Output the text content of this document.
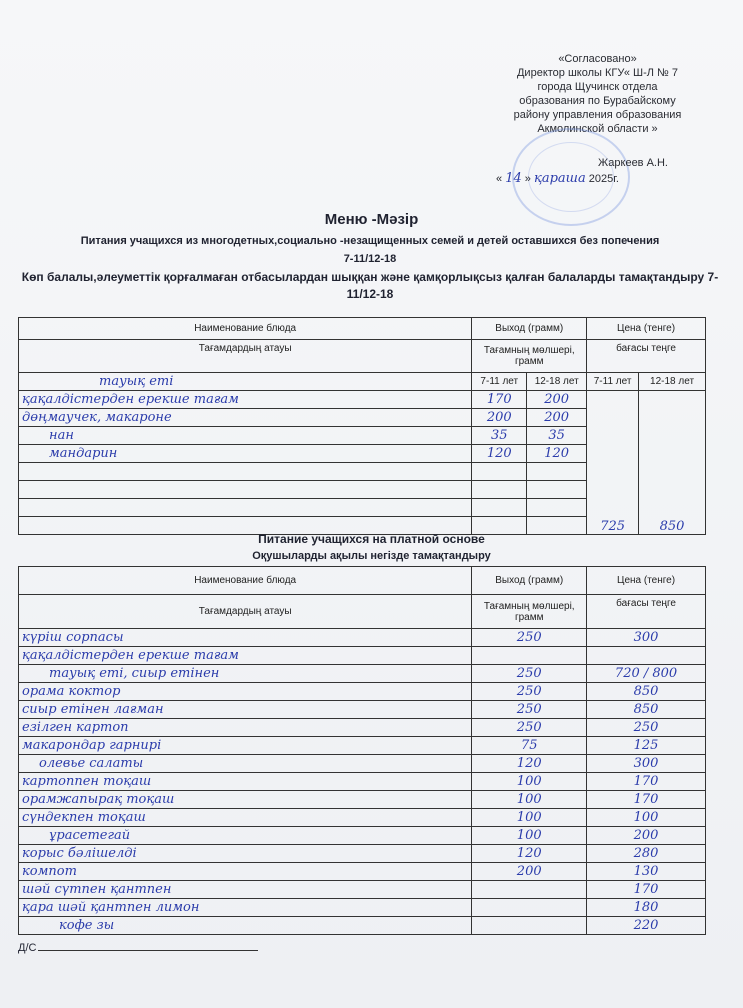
«Согласовано»
Директор школы КГУ« Ш-Л № 7
города Щучинск отдела
образования по Бурабайскому
району управления образования
Акмолинской области »
Жаркеев А.Н.
« 14 » қараша 2025г.
Меню -Мәзір
Питания учащихся из многодетных,социально -незащищенных семей и детей оставшихся без попечения
7-11/12-18
Көп балалы,әлеуметтік қорғалмаған отбасылардан шыққан және қамқорлықсыз қалған балаларды тамақтандыру 7-11/12-18
Наименование блюда	Выход (грамм)		Цена (тенге)	
Тағамдардың атауы	Тағамның мөлшері, грамм		бағасы теңге	
тауық еті	7-11 лет	12-18 лет	7-11 лет	12-18 лет
қақалдістерден ерекше тағам	170	200	725	850
дөңмаучек, макароне	200	200		
нан	35	35		
мандарин	120	120		

Питание учащихся на платной основе
Оқушыларды ақылы негізде тамақтандыру
Наименование блюда	Выход (грамм)	Цена (тенге)
Тағамдардың атауы	Тағамның мөлшері, грамм	бағасы теңге
күріш сорпасы	250	300
қақалдістерден ерекше тағам		
тауық еті, сиыр етінен	250	720 / 800
орама коктор	250	850
сиыр етінен лағман	250	850
езілген картоп	250	250
макарондар гарнирі	75	125
олевье салаты	120	300
картоппен тоқаш	100	170
орамжапырақ тоқаш	100	170
сүндекпен тоқаш	100	100
ұрасетегай	100	200
корыс бәлішелді	120	280
компот	200	130
шәй сүтпен қантпен		170
қара шәй қантпен лимон		180
кофе зы		220
Д/С
